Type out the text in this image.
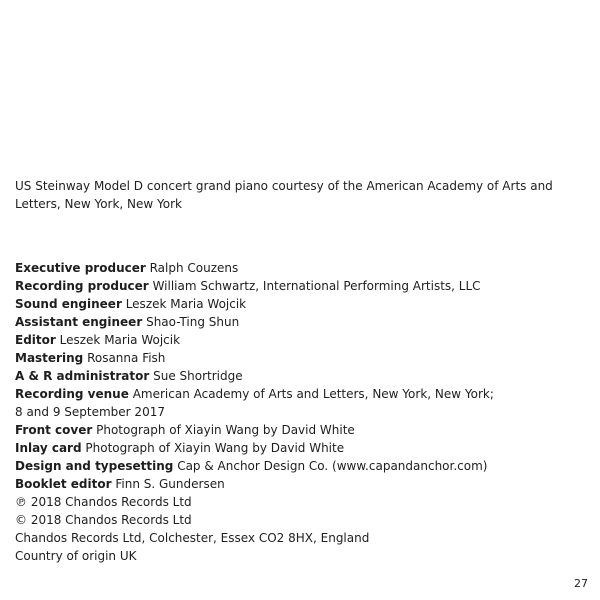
US Steinway Model D concert grand piano courtesy of the American Academy of Arts and Letters, New York, New York

Executive producer Ralph Couzens

Recording producer William Schwartz, International Performing Artists, LLC

Sound engineer Leszek Maria Wojcik

Assistant engineer Shao-Ting Shun

Editor Leszek Maria Wojcik

Mastering Rosanna Fish

A & R administrator Sue Shortridge

Recording venue American Academy of Arts and Letters, New York, New York;

8 and 9 September 2017

Front cover Photograph of Xiayin Wang by David White

Inlay card Photograph of Xiayin Wang by David White

Design and typesetting Cap & Anchor Design Co. (www.capandanchor.com)

Booklet editor Finn S. Gundersen

℗ 2018 Chandos Records Ltd

© 2018 Chandos Records Ltd

Chandos Records Ltd, Colchester, Essex CO2 8HX, England

Country of origin UK

27
